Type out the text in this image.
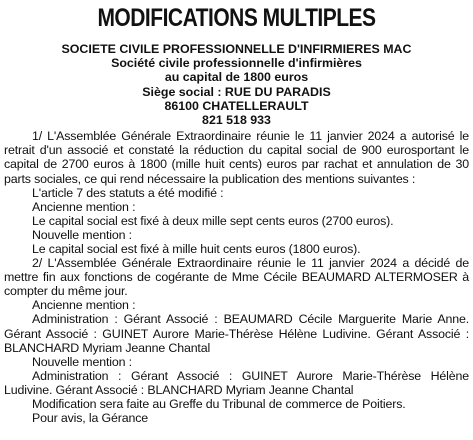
MODIFICATIONS MULTIPLES

SOCIETE CIVILE PROFESSIONNELLE D'INFIRMIERES MAC

Société civile professionnelle d'infirmières

au capital de 1800 euros

Siège social : RUE DU PARADIS

86100 CHATELLERAULT

821 518 933

1/ L'Assemblée Générale Extraordinaire réunie le 11 janvier 2024 a autorisé le retrait d'un associé et constaté la réduction du capital social de 900 eurosportant le capital de 2700 euros à 1800 (mille huit cents) euros par rachat et annulation de 30 parts sociales, ce qui rend nécessaire la publication des mentions suivantes :

L'article 7 des statuts a été modifié :

Ancienne mention :

Le capital social est fixé à deux mille sept cents euros (2700 euros).

Nouvelle mention :

Le capital social est fixé à mille huit cents euros (1800 euros).

2/ L'Assemblée Générale Extraordinaire réunie le 11 janvier 2024 a décidé de mettre fin aux fonctions de cogérante de Mme Cécile BEAUMARD ALTERMOSER à compter du même jour.

Ancienne mention :

Administration : Gérant Associé : BEAUMARD Cécile Marguerite Marie Anne. Gérant Associé : GUINET Aurore Marie-Thérèse Hélène Ludivine. Gérant Associé : BLANCHARD Myriam Jeanne Chantal

Nouvelle mention :

Administration : Gérant Associé : GUINET Aurore Marie-Thérèse Hélène Ludivine. Gérant Associé : BLANCHARD Myriam Jeanne Chantal

Modification sera faite au Greffe du Tribunal de commerce de Poitiers.

Pour avis, la Gérance
